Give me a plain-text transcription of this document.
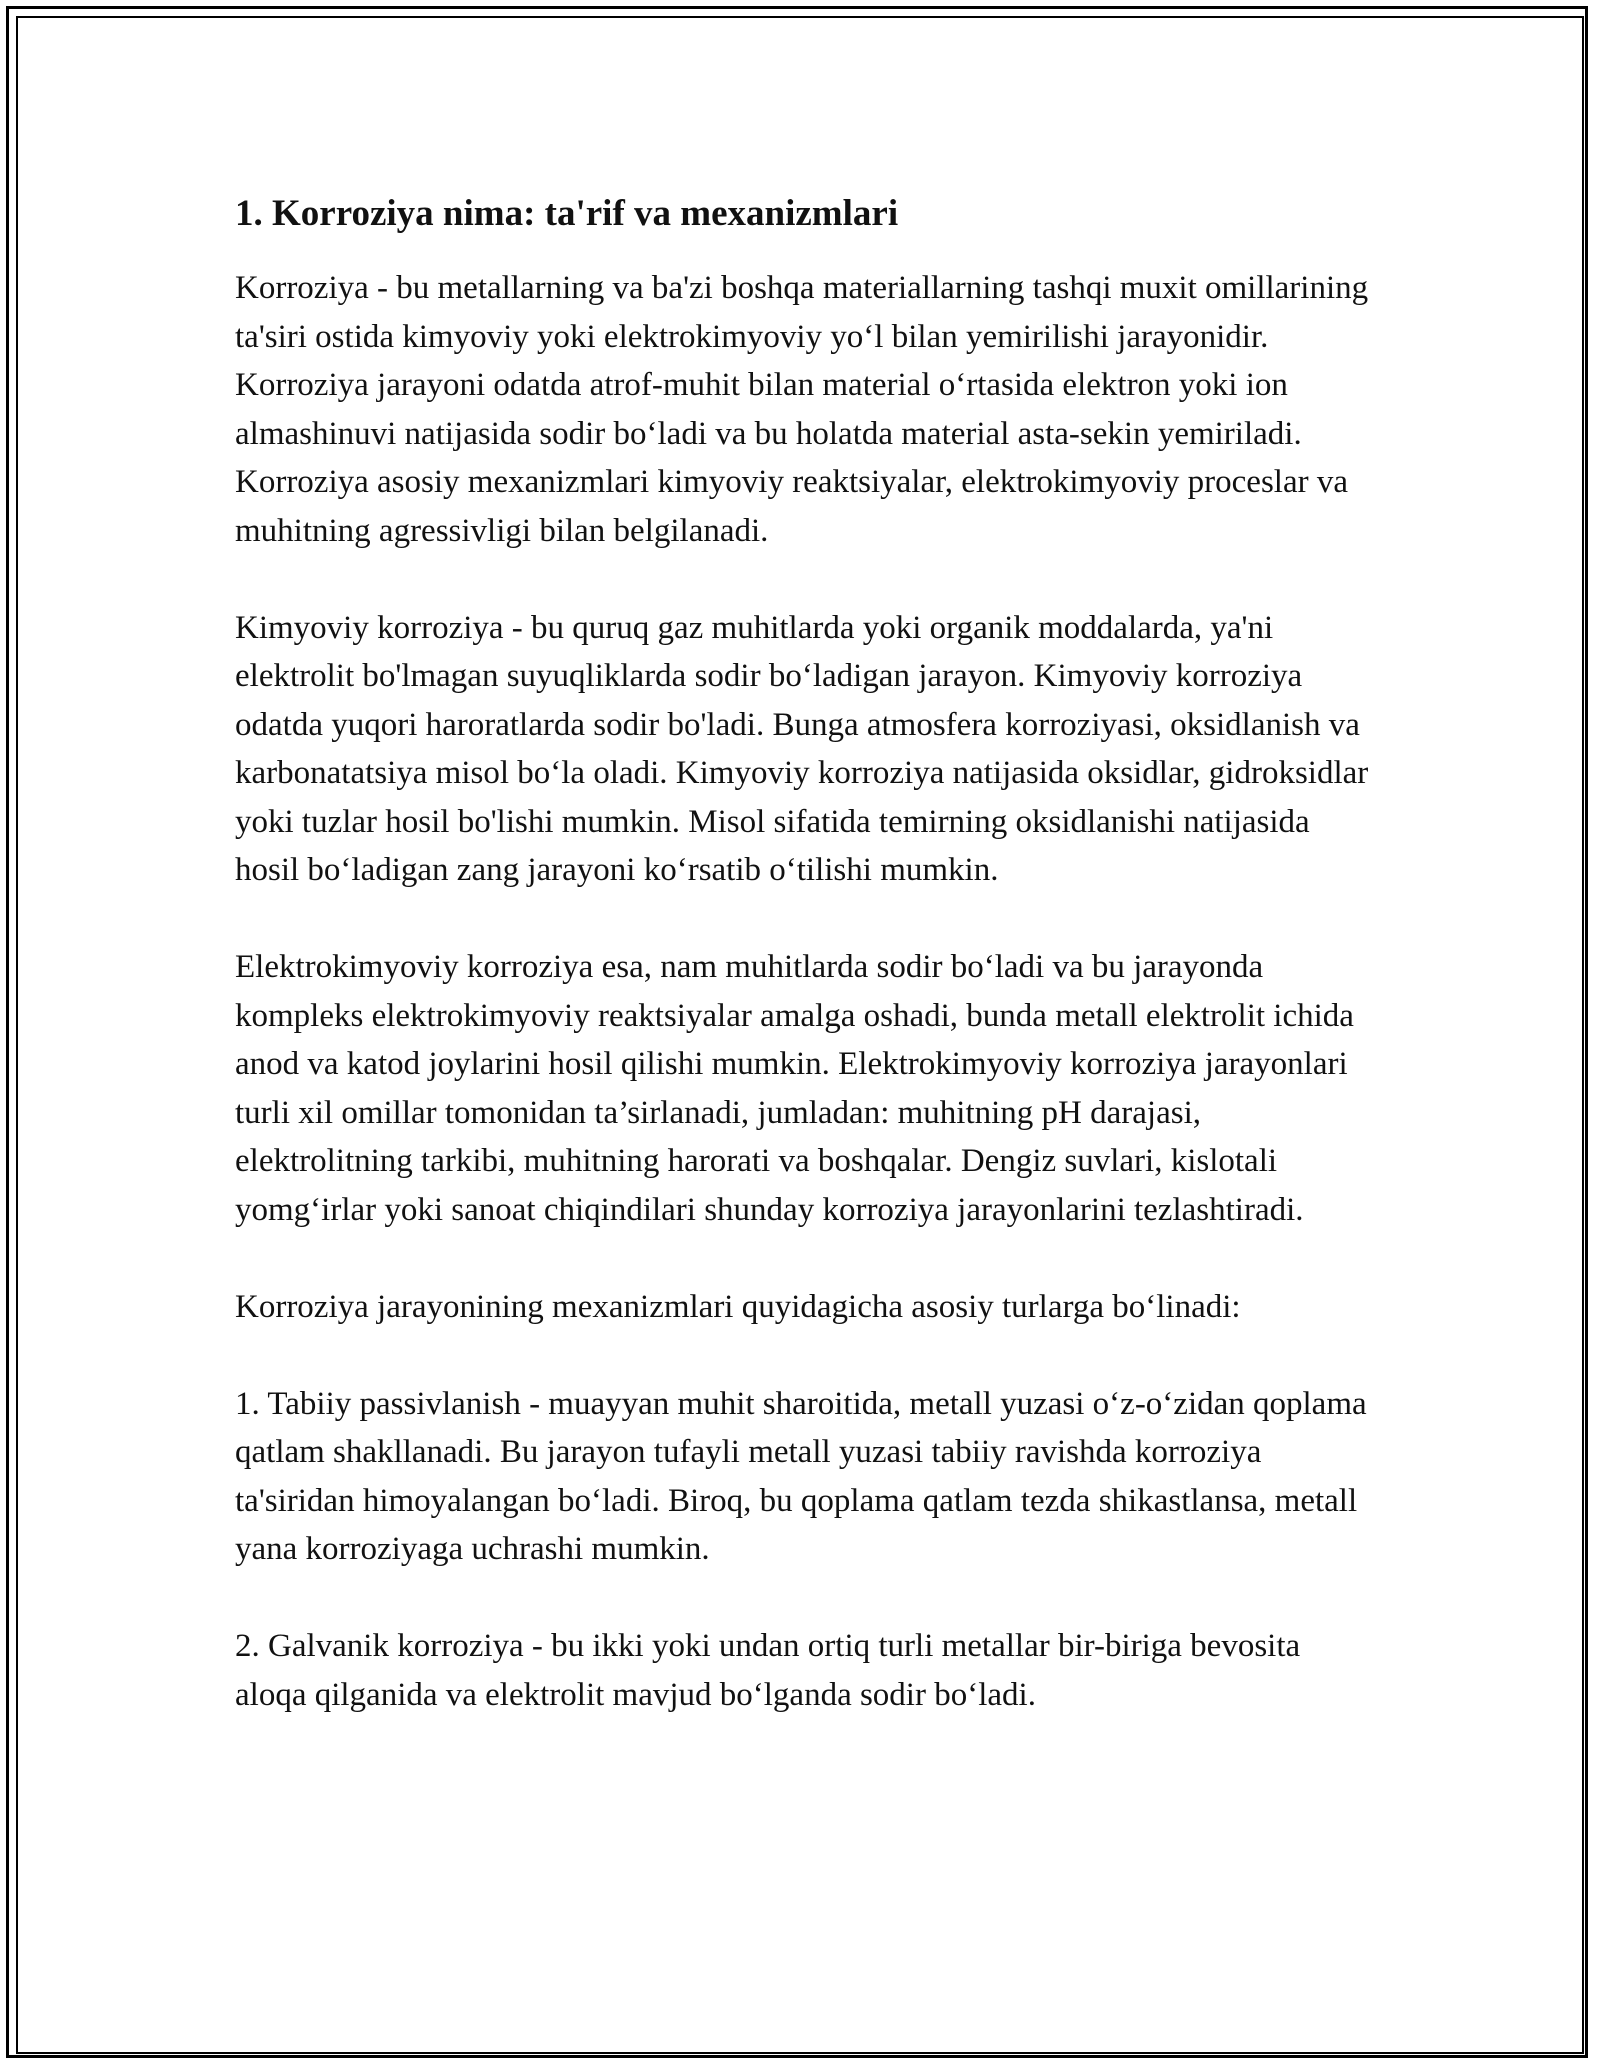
1. Korroziya nima: ta'rif va mexanizmlari

Korroziya - bu metallarning va ba'zi boshqa materiallarning tashqi muxit omillarining ta'siri ostida kimyoviy yoki elektrokimyoviy yo‘l bilan yemirilishi jarayonidir. Korroziya jarayoni odatda atrof-muhit bilan material o‘rtasida elektron yoki ion almashinuvi natijasida sodir bo‘ladi va bu holatda material asta-sekin yemiriladi. Korroziya asosiy mexanizmlari kimyoviy reaktsiyalar, elektrokimyoviy proceslar va muhitning agressivligi bilan belgilanadi.

Kimyoviy korroziya - bu quruq gaz muhitlarda yoki organik moddalarda, ya'ni elektrolit bo'lmagan suyuqliklarda sodir bo‘ladigan jarayon. Kimyoviy korroziya odatda yuqori haroratlarda sodir bo'ladi. Bunga atmosfera korroziyasi, oksidlanish va karbonatatsiya misol bo‘la oladi. Kimyoviy korroziya natijasida oksidlar, gidroksidlar yoki tuzlar hosil bo'lishi mumkin. Misol sifatida temirning oksidlanishi natijasida hosil bo‘ladigan zang jarayoni ko‘rsatib o‘tilishi mumkin.

Elektrokimyoviy korroziya esa, nam muhitlarda sodir bo‘ladi va bu jarayonda kompleks elektrokimyoviy reaktsiyalar amalga oshadi, bunda metall elektrolit ichida anod va katod joylarini hosil qilishi mumkin. Elektrokimyoviy korroziya jarayonlari turli xil omillar tomonidan ta’sirlanadi, jumladan: muhitning pH darajasi, elektrolitning tarkibi, muhitning harorati va boshqalar. Dengiz suvlari, kislotali yomg‘irlar yoki sanoat chiqindilari shunday korroziya jarayonlarini tezlashtiradi.

Korroziya jarayonining mexanizmlari quyidagicha asosiy turlarga bo‘linadi:

1. Tabiiy passivlanish - muayyan muhit sharoitida, metall yuzasi o‘z-o‘zidan qoplama qatlam shakllanadi. Bu jarayon tufayli metall yuzasi tabiiy ravishda korroziya ta'siridan himoyalangan bo‘ladi. Biroq, bu qoplama qatlam tezda shikastlansa, metall yana korroziyaga uchrashi mumkin.

2. Galvanik korroziya - bu ikki yoki undan ortiq turli metallar bir-biriga bevosita aloqa qilganida va elektrolit mavjud bo‘lganda sodir bo‘ladi.
